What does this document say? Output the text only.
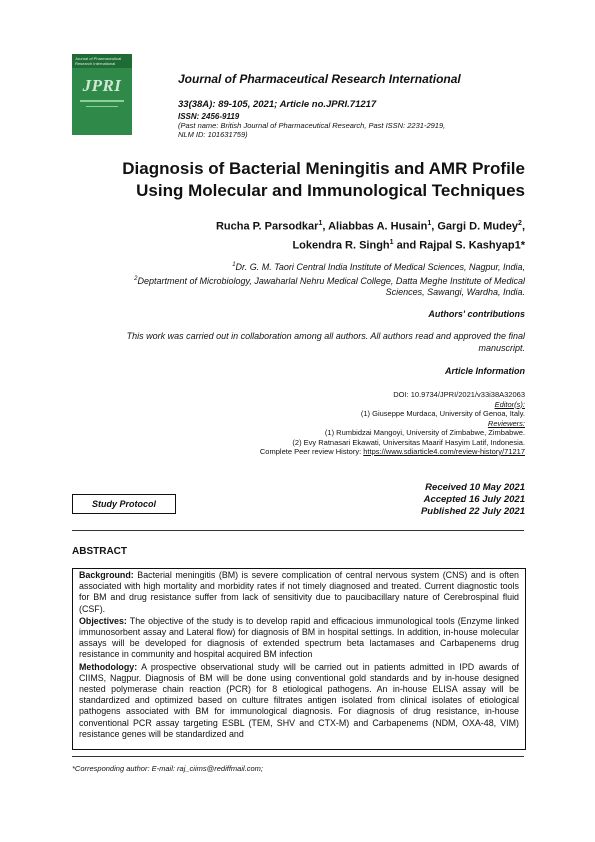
Journal of Pharmaceutical Research International
JPRI	Journal of Pharmaceutical Research International
33(38A): 89-105, 2021; Article no.JPRI.71217
ISSN: 2456-9119
(Past name: British Journal of Pharmaceutical Research, Past ISSN: 2231-2919,
NLM ID: 101631759)
Diagnosis of Bacterial Meningitis and AMR Profile
Using Molecular and Immunological Techniques
Rucha P. Parsodkar$^1$, Aliabbas A. Husain$^1$, Gargi D. Mudey$^2$,
Lokendra R. Singh$^1$ and Rajpal S. Kashyap1*
$^1$Dr. G. M. Taori Central India Institute of Medical Sciences, Nagpur, India,
$^2$Deptartment of Microbiology, Jawaharlal Nehru Medical College, Datta Meghe Institute of Medical
Sciences, Sawangi, Wardha, India.
Authors' contributions
This work was carried out in collaboration among all authors. All authors read and approved the final
manuscript.
Article Information
DOI: 10.9734/JPRI/2021/v33i38A32063
Editor(s):
(1) Giuseppe Murdaca, University of Genoa, Italy.
Reviewers:
(1) Rumbidzai Mangoyi, University of Zimbabwe, Zimbabwe.
(2) Evy Ratnasari Ekawati, Universitas Maarif Hasyim Latif, Indonesia.
Complete Peer review History: https://www.sdiarticle4.com/review-history/71217
Study Protocol
Received 10 May 2021
Accepted 16 July 2021
Published 22 July 2021
ABSTRACT

Background: Bacterial meningitis (BM) is severe complication of central nervous system (CNS) and is often associated with high mortality and morbidity rates if not timely diagnosed and treated. Current diagnostic tools for BM and drug resistance suffer from lack of sensitivity due to paucibacillary nature of Cerebrospinal fluid (CSF).

Objectives: The objective of the study is to develop rapid and efficacious immunological tools (Enzyme linked immunosorbent assay and Lateral flow) for diagnosis of BM in hospital settings. In addition, in-house molecular assays will be developed for diagnosis of extended spectrum beta lactamases and Carbapenems drug resistance in community and hospital acquired BM infection

Methodology: A prospective observational study will be carried out in patients admitted in IPD awards of CIIMS, Nagpur. Diagnosis of BM will be done using conventional gold standards and by in-house designed nested polymerase chain reaction (PCR) for 8 etiological pathogens. An in-house ELISA assay will be standardized and optimized based on culture filtrates antigen isolated from clinical isolates of etiological pathogens associated with BM for immunological diagnosis. For diagnosis of drug resistance, in-house conventional PCR assay targeting ESBL (TEM, SHV and CTX-M) and Carbapenems (NDM, OXA-48, VIM) resistance genes will be standardized and

*Corresponding author: E-mail: raj_ciims@rediffmail.com;
